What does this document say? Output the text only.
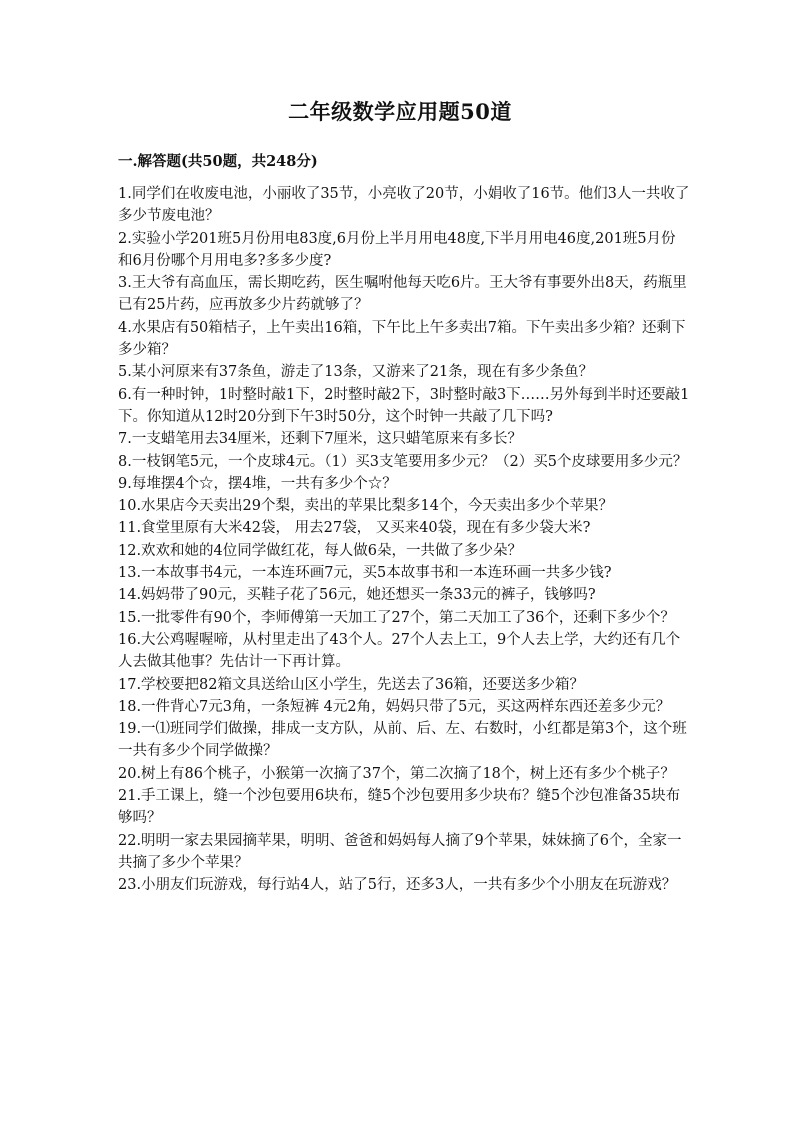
二年级数学应用题50道
一.解答题(共50题，共248分)

1.同学们在收废电池，小丽收了35节，小亮收了20节，小娟收了16节。他们3人一共收了多少节废电池？

2.实验小学201班5月份用电83度,6月份上半月用电48度,下半月用电46度,201班5月份和6月份哪个月用电多?多多少度?

3.王大爷有高血压，需长期吃药，医生嘱咐他每天吃6片。王大爷有事要外出8天，药瓶里已有25片药，应再放多少片药就够了？

4.水果店有50箱桔子，上午卖出16箱，下午比上午多卖出7箱。下午卖出多少箱？还剩下多少箱？

5.某小河原来有37条鱼，游走了13条，又游来了21条，现在有多少条鱼？

6.有一种时钟，1时整时敲1下，2时整时敲2下，3时整时敲3下……另外每到半时还要敲1下。你知道从12时20分到下午3时50分，这个时钟一共敲了几下吗?

7.一支蜡笔用去34厘米，还剩下7厘米，这只蜡笔原来有多长？

8.一枝钢笔5元，一个皮球4元。（1）买3支笔要用多少元？（2）买5个皮球要用多少元？

9.每堆摆4个☆，摆4堆，一共有多少个☆？

10.水果店今天卖出29个梨，卖出的苹果比梨多14个，今天卖出多少个苹果？

11.食堂里原有大米42袋， 用去27袋， 又买来40袋，现在有多少袋大米?

12.欢欢和她的4位同学做红花，每人做6朵，一共做了多少朵？

13.一本故事书4元，一本连环画7元，买5本故事书和一本连环画一共多少钱?

14.妈妈带了90元，买鞋子花了56元，她还想买一条33元的裤子，钱够吗?

15.一批零件有90个，李师傅第一天加工了27个，第二天加工了36个，还剩下多少个？

16.大公鸡喔喔啼，从村里走出了43个人。27个人去上工，9个人去上学，大约还有几个人去做其他事？先估计一下再计算。

17.学校要把82箱文具送给山区小学生，先送去了36箱，还要送多少箱？

18.一件背心7元3角，一条短裤 4元2角，妈妈只带了5元，买这两样东西还差多少元？

19.一⑴班同学们做操，排成一支方队，从前、后、左、右数时，小红都是第3个，这个班一共有多少个同学做操？

20.树上有86个桃子，小猴第一次摘了37个，第二次摘了18个，树上还有多少个桃子？

21.手工课上，缝一个沙包要用6块布，缝5个沙包要用多少块布？缝5个沙包准备35块布够吗？

22.明明一家去果园摘苹果，明明、爸爸和妈妈每人摘了9个苹果，妹妹摘了6个，全家一共摘了多少个苹果？

23.小朋友们玩游戏，每行站4人，站了5行，还多3人，一共有多少个小朋友在玩游戏？
